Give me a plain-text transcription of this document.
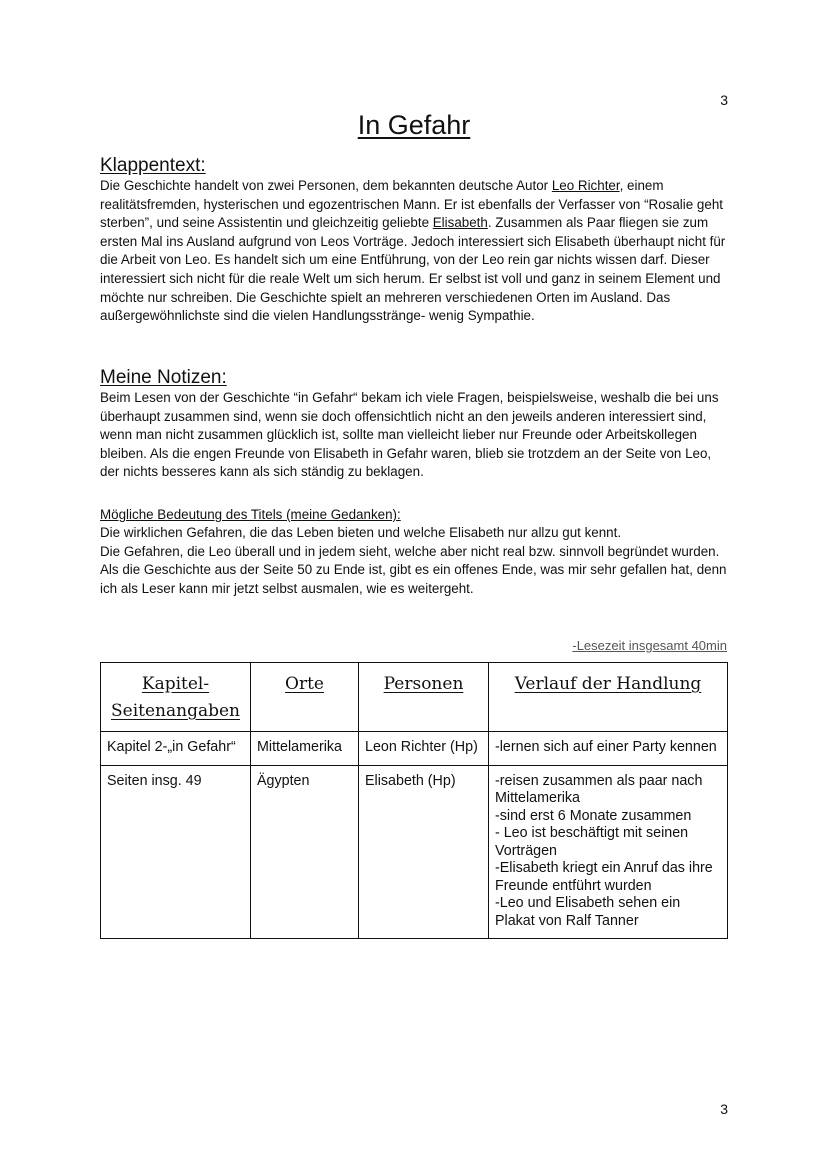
3
In Gefahr
Klappentext:

Die Geschichte handelt von zwei Personen, dem bekannten deutsche Autor Leo Richter, einem realitätsfremden, hysterischen und egozentrischen Mann. Er ist ebenfalls der Verfasser von “Rosalie geht sterben”, und seine Assistentin und gleichzeitig geliebte Elisabeth. Zusammen als Paar fliegen sie zum ersten Mal ins Ausland aufgrund von Leos Vorträge. Jedoch interessiert sich Elisabeth überhaupt nicht für die Arbeit von Leo. Es handelt sich um eine Entführung, von der Leo rein gar nichts wissen darf. Dieser interessiert sich nicht für die reale Welt um sich herum. Er selbst ist voll und ganz in seinem Element und möchte nur schreiben. Die Geschichte spielt an mehreren verschiedenen Orten im Ausland. Das außergewöhnlichste sind die vielen Handlungsstränge- wenig Sympathie.

Meine Notizen:

Beim Lesen von der Geschichte “in Gefahr“ bekam ich viele Fragen, beispielsweise, weshalb die bei uns überhaupt zusammen sind, wenn sie doch offensichtlich nicht an den jeweils anderen interessiert sind, wenn man nicht zusammen glücklich ist, sollte man vielleicht lieber nur Freunde oder Arbeitskollegen bleiben. Als die engen Freunde von Elisabeth in Gefahr waren, blieb sie trotzdem an der Seite von Leo, der nichts besseres kann als sich ständig zu beklagen.

Mögliche Bedeutung des Titels (meine Gedanken):

Die wirklichen Gefahren, die das Leben bieten und welche Elisabeth nur allzu gut kennt.

Die Gefahren, die Leo überall und in jedem sieht, welche aber nicht real bzw. sinnvoll begründet wurden.

Als die Geschichte aus der Seite 50 zu Ende ist, gibt es ein offenes Ende, was mir sehr gefallen hat, denn ich als Leser kann mir jetzt selbst ausmalen, wie es weitergeht.

-Lesezeit insgesamt 40min
Kapitel-Seitenangaben	Orte	Personen	Verlauf der Handlung
Kapitel 2-„in Gefahr“	Mittelamerika	Leon Richter (Hp)	-lernen sich auf einer Party kennen

Seiten insg. 49	Ägypten	Elisabeth (Hp)	-reisen zusammen als paar nach Mittelamerika
-sind erst 6 Monate zusammen
- Leo ist beschäftigt mit seinen Vorträgen
-Elisabeth kriegt ein Anruf das ihre Freunde entführt wurden
-Leo und Elisabeth sehen ein Plakat von Ralf Tanner
3
